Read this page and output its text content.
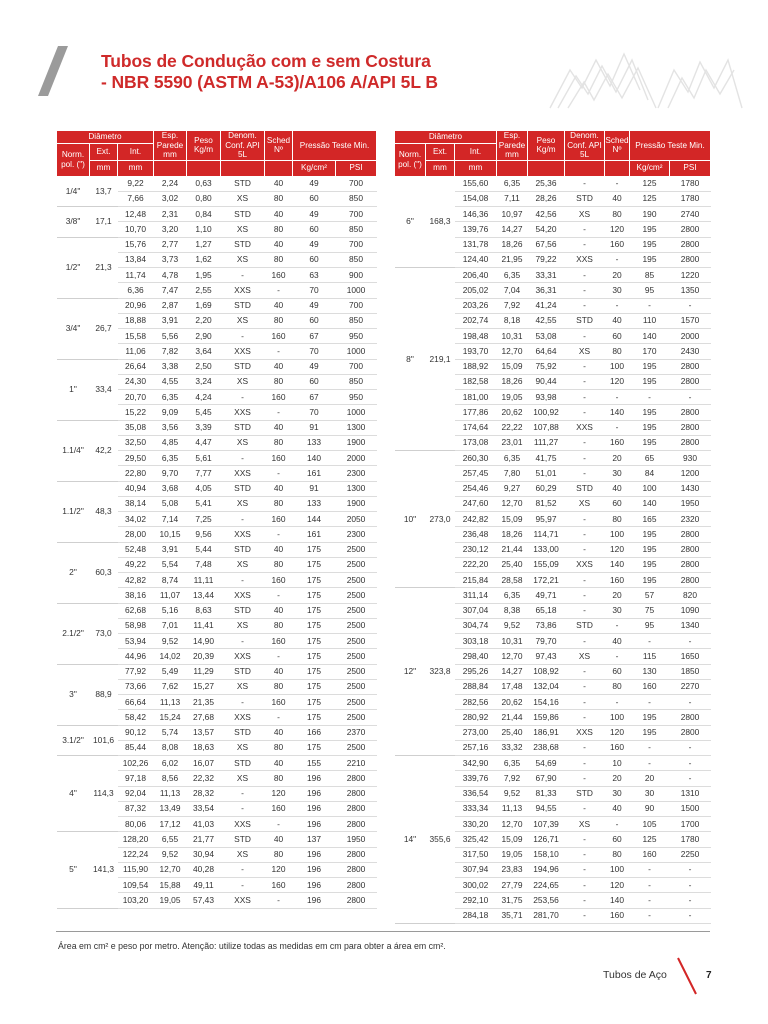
Tubos de Condução com e sem Costura
- NBR 5590 (ASTM A-53)/A106 A/API 5L B
Diâmetro			Esp. Parede mm	Peso Kg/m	Denom. Conf. API 5L	Sched Nº	Pressão Teste Min.	
Norm. pol. (")	Ext.	Int.						
	mm	mm					Kg/cm²	PSI
1/4"	13,7	9,22	2,24	0,63	STD	40	49	700
		7,66	3,02	0,80	XS	80	60	850
3/8"	17,1	12,48	2,31	0,84	STD	40	49	700
		10,70	3,20	1,10	XS	80	60	850
1/2"	21,3	15,76	2,77	1,27	STD	40	49	700
		13,84	3,73	1,62	XS	80	60	850
		11,74	4,78	1,95	-	160	63	900
		6,36	7,47	2,55	XXS	-	70	1000
3/4"	26,7	20,96	2,87	1,69	STD	40	49	700
		18,88	3,91	2,20	XS	80	60	850
		15,58	5,56	2,90	-	160	67	950
		11,06	7,82	3,64	XXS	-	70	1000
1"	33,4	26,64	3,38	2,50	STD	40	49	700
		24,30	4,55	3,24	XS	80	60	850
		20,70	6,35	4,24	-	160	67	950
		15,22	9,09	5,45	XXS	-	70	1000
1.1/4"	42,2	35,08	3,56	3,39	STD	40	91	1300
		32,50	4,85	4,47	XS	80	133	1900
		29,50	6,35	5,61	-	160	140	2000
		22,80	9,70	7,77	XXS	-	161	2300
1.1/2"	48,3	40,94	3,68	4,05	STD	40	91	1300
		38,14	5,08	5,41	XS	80	133	1900
		34,02	7,14	7,25	-	160	144	2050
		28,00	10,15	9,56	XXS	-	161	2300
2"	60,3	52,48	3,91	5,44	STD	40	175	2500
		49,22	5,54	7,48	XS	80	175	2500
		42,82	8,74	11,11	-	160	175	2500
		38,16	11,07	13,44	XXS	-	175	2500
2.1/2"	73,0	62,68	5,16	8,63	STD	40	175	2500
		58,98	7,01	11,41	XS	80	175	2500
		53,94	9,52	14,90	-	160	175	2500
		44,96	14,02	20,39	XXS	-	175	2500
3"	88,9	77,92	5,49	11,29	STD	40	175	2500
		73,66	7,62	15,27	XS	80	175	2500
		66,64	11,13	21,35	-	160	175	2500
		58,42	15,24	27,68	XXS	-	175	2500
3.1/2"	101,6	90,12	5,74	13,57	STD	40	166	2370
		85,44	8,08	18,63	XS	80	175	2500
4"	114,3	102,26	6,02	16,07	STD	40	155	2210
		97,18	8,56	22,32	XS	80	196	2800
		92,04	11,13	28,32	-	120	196	2800
		87,32	13,49	33,54	-	160	196	2800
		80,06	17,12	41,03	XXS	-	196	2800
5"	141,3	128,20	6,55	21,77	STD	40	137	1950
		122,24	9,52	30,94	XS	80	196	2800
		115,90	12,70	40,28	-	120	196	2800
		109,54	15,88	49,11	-	160	196	2800
		103,20	19,05	57,43	XXS	-	196	2800
Diâmetro			Esp. Parede mm	Peso Kg/m	Denom. Conf. API 5L	Sched Nº	Pressão Teste Min.	
Norm. pol. (")	Ext.	Int.						
	mm	mm					Kg/cm²	PSI
6"	168,3	155,60	6,35	25,36	-	-	125	1780
		154,08	7,11	28,26	STD	40	125	1780
		146,36	10,97	42,56	XS	80	190	2740
		139,76	14,27	54,20	-	120	195	2800
		131,78	18,26	67,56	-	160	195	2800
		124,40	21,95	79,22	XXS	-	195	2800
8"	219,1	206,40	6,35	33,31	-	20	85	1220
		205,02	7,04	36,31	-	30	95	1350
		203,26	7,92	41,24	-	-	-	-
		202,74	8,18	42,55	STD	40	110	1570
		198,48	10,31	53,08	-	60	140	2000
		193,70	12,70	64,64	XS	80	170	2430
		188,92	15,09	75,92	-	100	195	2800
		182,58	18,26	90,44	-	120	195	2800
		181,00	19,05	93,98	-	-	-	-
		177,86	20,62	100,92	-	140	195	2800
		174,64	22,22	107,88	XXS	-	195	2800
		173,08	23,01	111,27	-	160	195	2800
10"	273,0	260,30	6,35	41,75	-	20	65	930
		257,45	7,80	51,01	-	30	84	1200
		254,46	9,27	60,29	STD	40	100	1430
		247,60	12,70	81,52	XS	60	140	1950
		242,82	15,09	95,97	-	80	165	2320
		236,48	18,26	114,71	-	100	195	2800
		230,12	21,44	133,00	-	120	195	2800
		222,20	25,40	155,09	XXS	140	195	2800
		215,84	28,58	172,21	-	160	195	2800
12"	323,8	311,14	6,35	49,71	-	20	57	820
		307,04	8,38	65,18	-	30	75	1090
		304,74	9,52	73,86	STD	-	95	1340
		303,18	10,31	79,70	-	40	-	-
		298,40	12,70	97,43	XS	-	115	1650
		295,26	14,27	108,92	-	60	130	1850
		288,84	17,48	132,04	-	80	160	2270
		282,56	20,62	154,16	-	-	-	-
		280,92	21,44	159,86	-	100	195	2800
		273,00	25,40	186,91	XXS	120	195	2800
		257,16	33,32	238,68	-	160	-	-
14"	355,6	342,90	6,35	54,69	-	10	-	-
		339,76	7,92	67,90	-	20	20	-
		336,54	9,52	81,33	STD	30	30	1310
		333,34	11,13	94,55	-	40	90	1500
		330,20	12,70	107,39	XS	-	105	1700
		325,42	15,09	126,71	-	60	125	1780
		317,50	19,05	158,10	-	80	160	2250
		307,94	23,83	194,96	-	100	-	-
		300,02	27,79	224,65	-	120	-	-
		292,10	31,75	253,56	-	140	-	-
		284,18	35,71	281,70	-	160	-	-
Área em cm² e peso por metro. Atenção: utilize todas as medidas em cm para obter a área em cm².
Tubos de Aço	7
